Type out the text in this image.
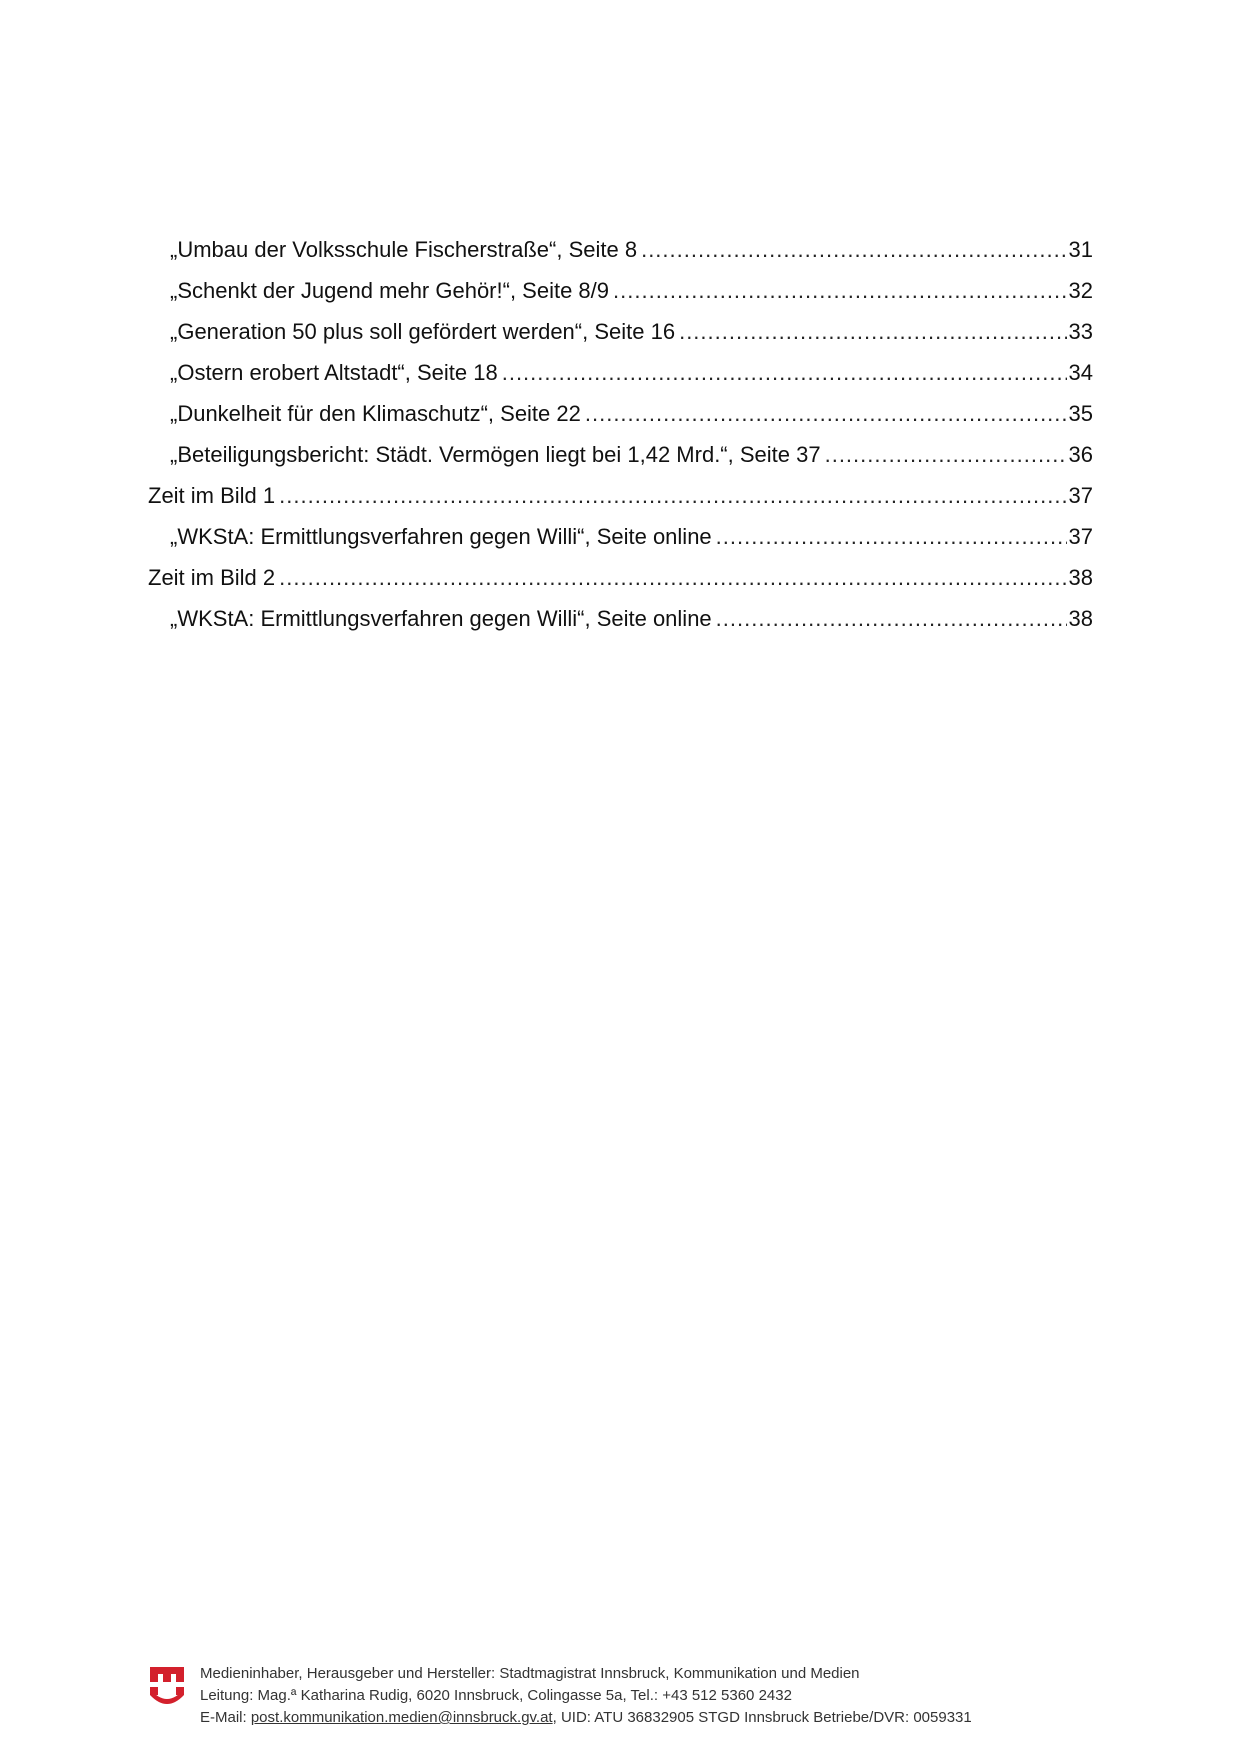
„Umbau der Volksschule Fischerstraße“, Seite 8 .....	31
„Schenkt der Jugend mehr Gehör!“, Seite 8/9 .....	32
„Generation 50 plus soll gefördert werden“, Seite 16 .....	33
„Ostern erobert Altstadt“, Seite 18 .....	34
„Dunkelheit für den Klimaschutz“, Seite 22 .....	35
„Beteiligungsbericht: Städt. Vermögen liegt bei 1,42 Mrd.“, Seite 37 .....	36
Zeit im Bild 1 .....	37
„WKStA: Ermittlungsverfahren gegen Willi“, Seite online .....	37
Zeit im Bild 2 .....	38
„WKStA: Ermittlungsverfahren gegen Willi“, Seite online .....	38
Medieninhaber, Herausgeber und Hersteller: Stadtmagistrat Innsbruck, Kommunikation und Medien
Leitung: Mag.ª Katharina Rudig, 6020 Innsbruck, Colingasse 5a, Tel.: +43 512 5360 2432
E-Mail: post.kommunikation.medien@innsbruck.gv.at, UID: ATU 36832905 STGD Innsbruck Betriebe/DVR: 0059331
